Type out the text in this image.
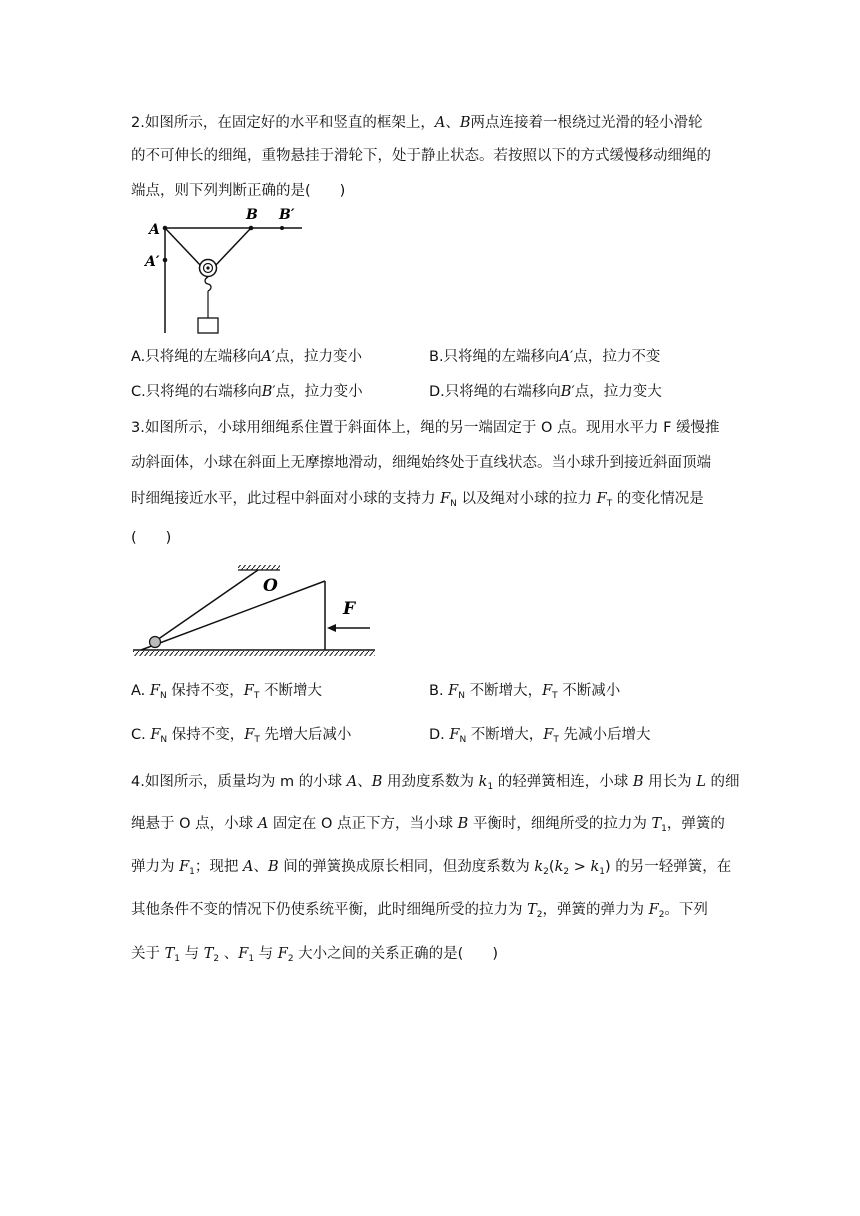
2.如图所示，在固定好的水平和竖直的框架上，A、B两点连接着一根绕过光滑的轻小滑轮
的不可伸长的细绳，重物悬挂于滑轮下，处于静止状态。若按照以下的方式缓慢移动细绳的
端点，则下列判断正确的是(　　)
A
A′
B B′
A.只将绳的左端移向A′点，拉力变小	B.只将绳的左端移向A′点，拉力不变
C.只将绳的右端移向B′点，拉力变小	D.只将绳的右端移向B′点，拉力变大
3.如图所示，小球用细绳系住置于斜面体上，绳的另一端固定于 O 点。现用水平力 F 缓慢推
动斜面体，小球在斜面上无摩擦地滑动，细绳始终处于直线状态。当小球升到接近斜面顶端
时细绳接近水平，此过程中斜面对小球的支持力 $F_N$ 以及绳对小球的拉力 $F_T$ 的变化情况是
(　　)
O
F
A. $F_N$ 保持不变，$F_T$ 不断增大	B. $F_N$ 不断增大，$F_T$ 不断减小
C. $F_N$ 保持不变，$F_T$ 先增大后减小	D. $F_N$ 不断增大，$F_T$ 先减小后增大
4.如图所示，质量均为 m 的小球 A、B 用劲度系数为 $k_1$ 的轻弹簧相连，小球 B 用长为 L 的细
绳悬于 O 点，小球 A 固定在 O 点正下方，当小球 B 平衡时，细绳所受的拉力为 $T_1$，弹簧的
弹力为 $F_1$；现把 A、B 间的弹簧换成原长相同，但劲度系数为 $k_2(k_2 > k_1)$ 的另一轻弹簧，在
其他条件不变的情况下仍使系统平衡，此时细绳所受的拉力为 $T_2$，弹簧的弹力为 $F_2$。下列
关于 $T_1$ 与 $T_2$ 、$F_1$ 与 $F_2$ 大小之间的关系正确的是(　　)
